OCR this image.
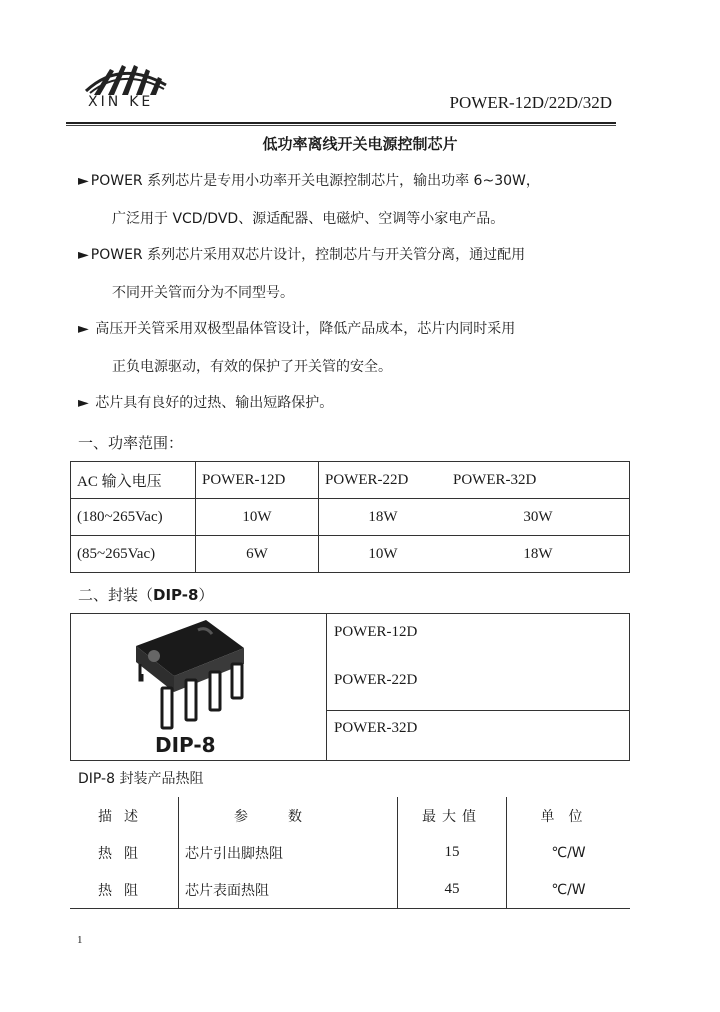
XIN KE	POWER-12D/22D/32D
低功率离线开关电源控制芯片
► POWER 系列芯片是专用小功率开关电源控制芯片，输出功率 6~30W，
广泛用于 VCD/DVD、源适配器、电磁炉、空调等小家电产品。
► POWER 系列芯片采用双芯片设计，控制芯片与开关管分离，通过配用
不同开关管而分为不同型号。
► 高压开关管采用双极型晶体管设计，降低产品成本，芯片内同时采用
正负电源驱动，有效的保护了开关管的安全。
► 芯片具有良好的过热、输出短路保护。
一、功率范围：
AC 输入电压	POWER-12D	POWER-22D	POWER-32D
(180~265Vac)	10W	18W	30W
(85~265Vac)	6W	10W	18W
二、封装（DIP-8）
DIP-8
POWER-12D
POWER-22D
POWER-32D
DIP-8 封装产品热阻
描述	参数	最大值	单位
热阻	芯片引出脚热阻	15	℃/W
热阻	芯片表面热阻	45	℃/W
1
